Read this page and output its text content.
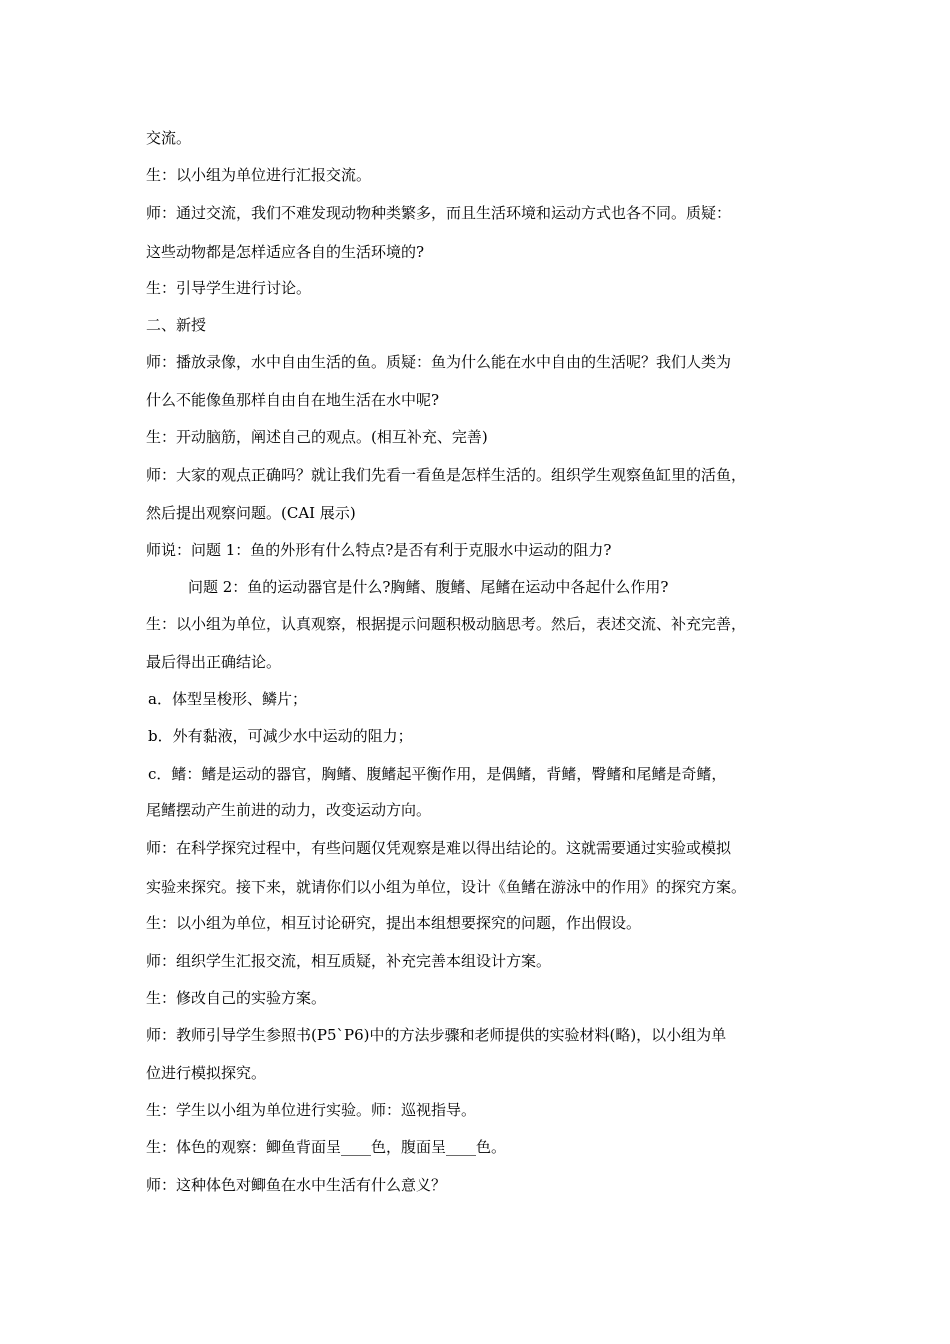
交流。
生：以小组为单位进行汇报交流。
师：通过交流，我们不难发现动物种类繁多，而且生活环境和运动方式也各不同。质疑：
这些动物都是怎样适应各自的生活环境的?
生：引导学生进行讨论。
二、新授
师：播放录像，水中自由生活的鱼。质疑：鱼为什么能在水中自由的生活呢？我们人类为
什么不能像鱼那样自由自在地生活在水中呢?
生：开动脑筋，阐述自己的观点。(相互补充、完善)
师：大家的观点正确吗？就让我们先看一看鱼是怎样生活的。组织学生观察鱼缸里的活鱼，
然后提出观察问题。(CAI 展示)
师说：问题 1：鱼的外形有什么特点?是否有利于克服水中运动的阻力?
问题 2：鱼的运动器官是什么?胸鳍、腹鳍、尾鳍在运动中各起什么作用?
生：以小组为单位，认真观察，根据提示问题积极动脑思考。然后，表述交流、补充完善，
最后得出正确结论。
a．体型呈梭形、鳞片；
b．外有黏液，可减少水中运动的阻力；
c．鳍：鳍是运动的器官，胸鳍、腹鳍起平衡作用，是偶鳍，背鳍，臀鳍和尾鳍是奇鳍，
尾鳍摆动产生前进的动力，改变运动方向。
师：在科学探究过程中，有些问题仅凭观察是难以得出结论的。这就需要通过实验或模拟
实验来探究。接下来，就请你们以小组为单位，设计《鱼鳍在游泳中的作用》的探究方案。
生：以小组为单位，相互讨论研究，提出本组想要探究的问题，作出假设。
师：组织学生汇报交流，相互质疑，补充完善本组设计方案。
生：修改自己的实验方案。
师：教师引导学生参照书(P5`P6)中的方法步骤和老师提供的实验材料(略)，以小组为单
位进行模拟探究。
生：学生以小组为单位进行实验。师：巡视指导。
生：体色的观察：鲫鱼背面呈____色，腹面呈____色。
师：这种体色对鲫鱼在水中生活有什么意义？
